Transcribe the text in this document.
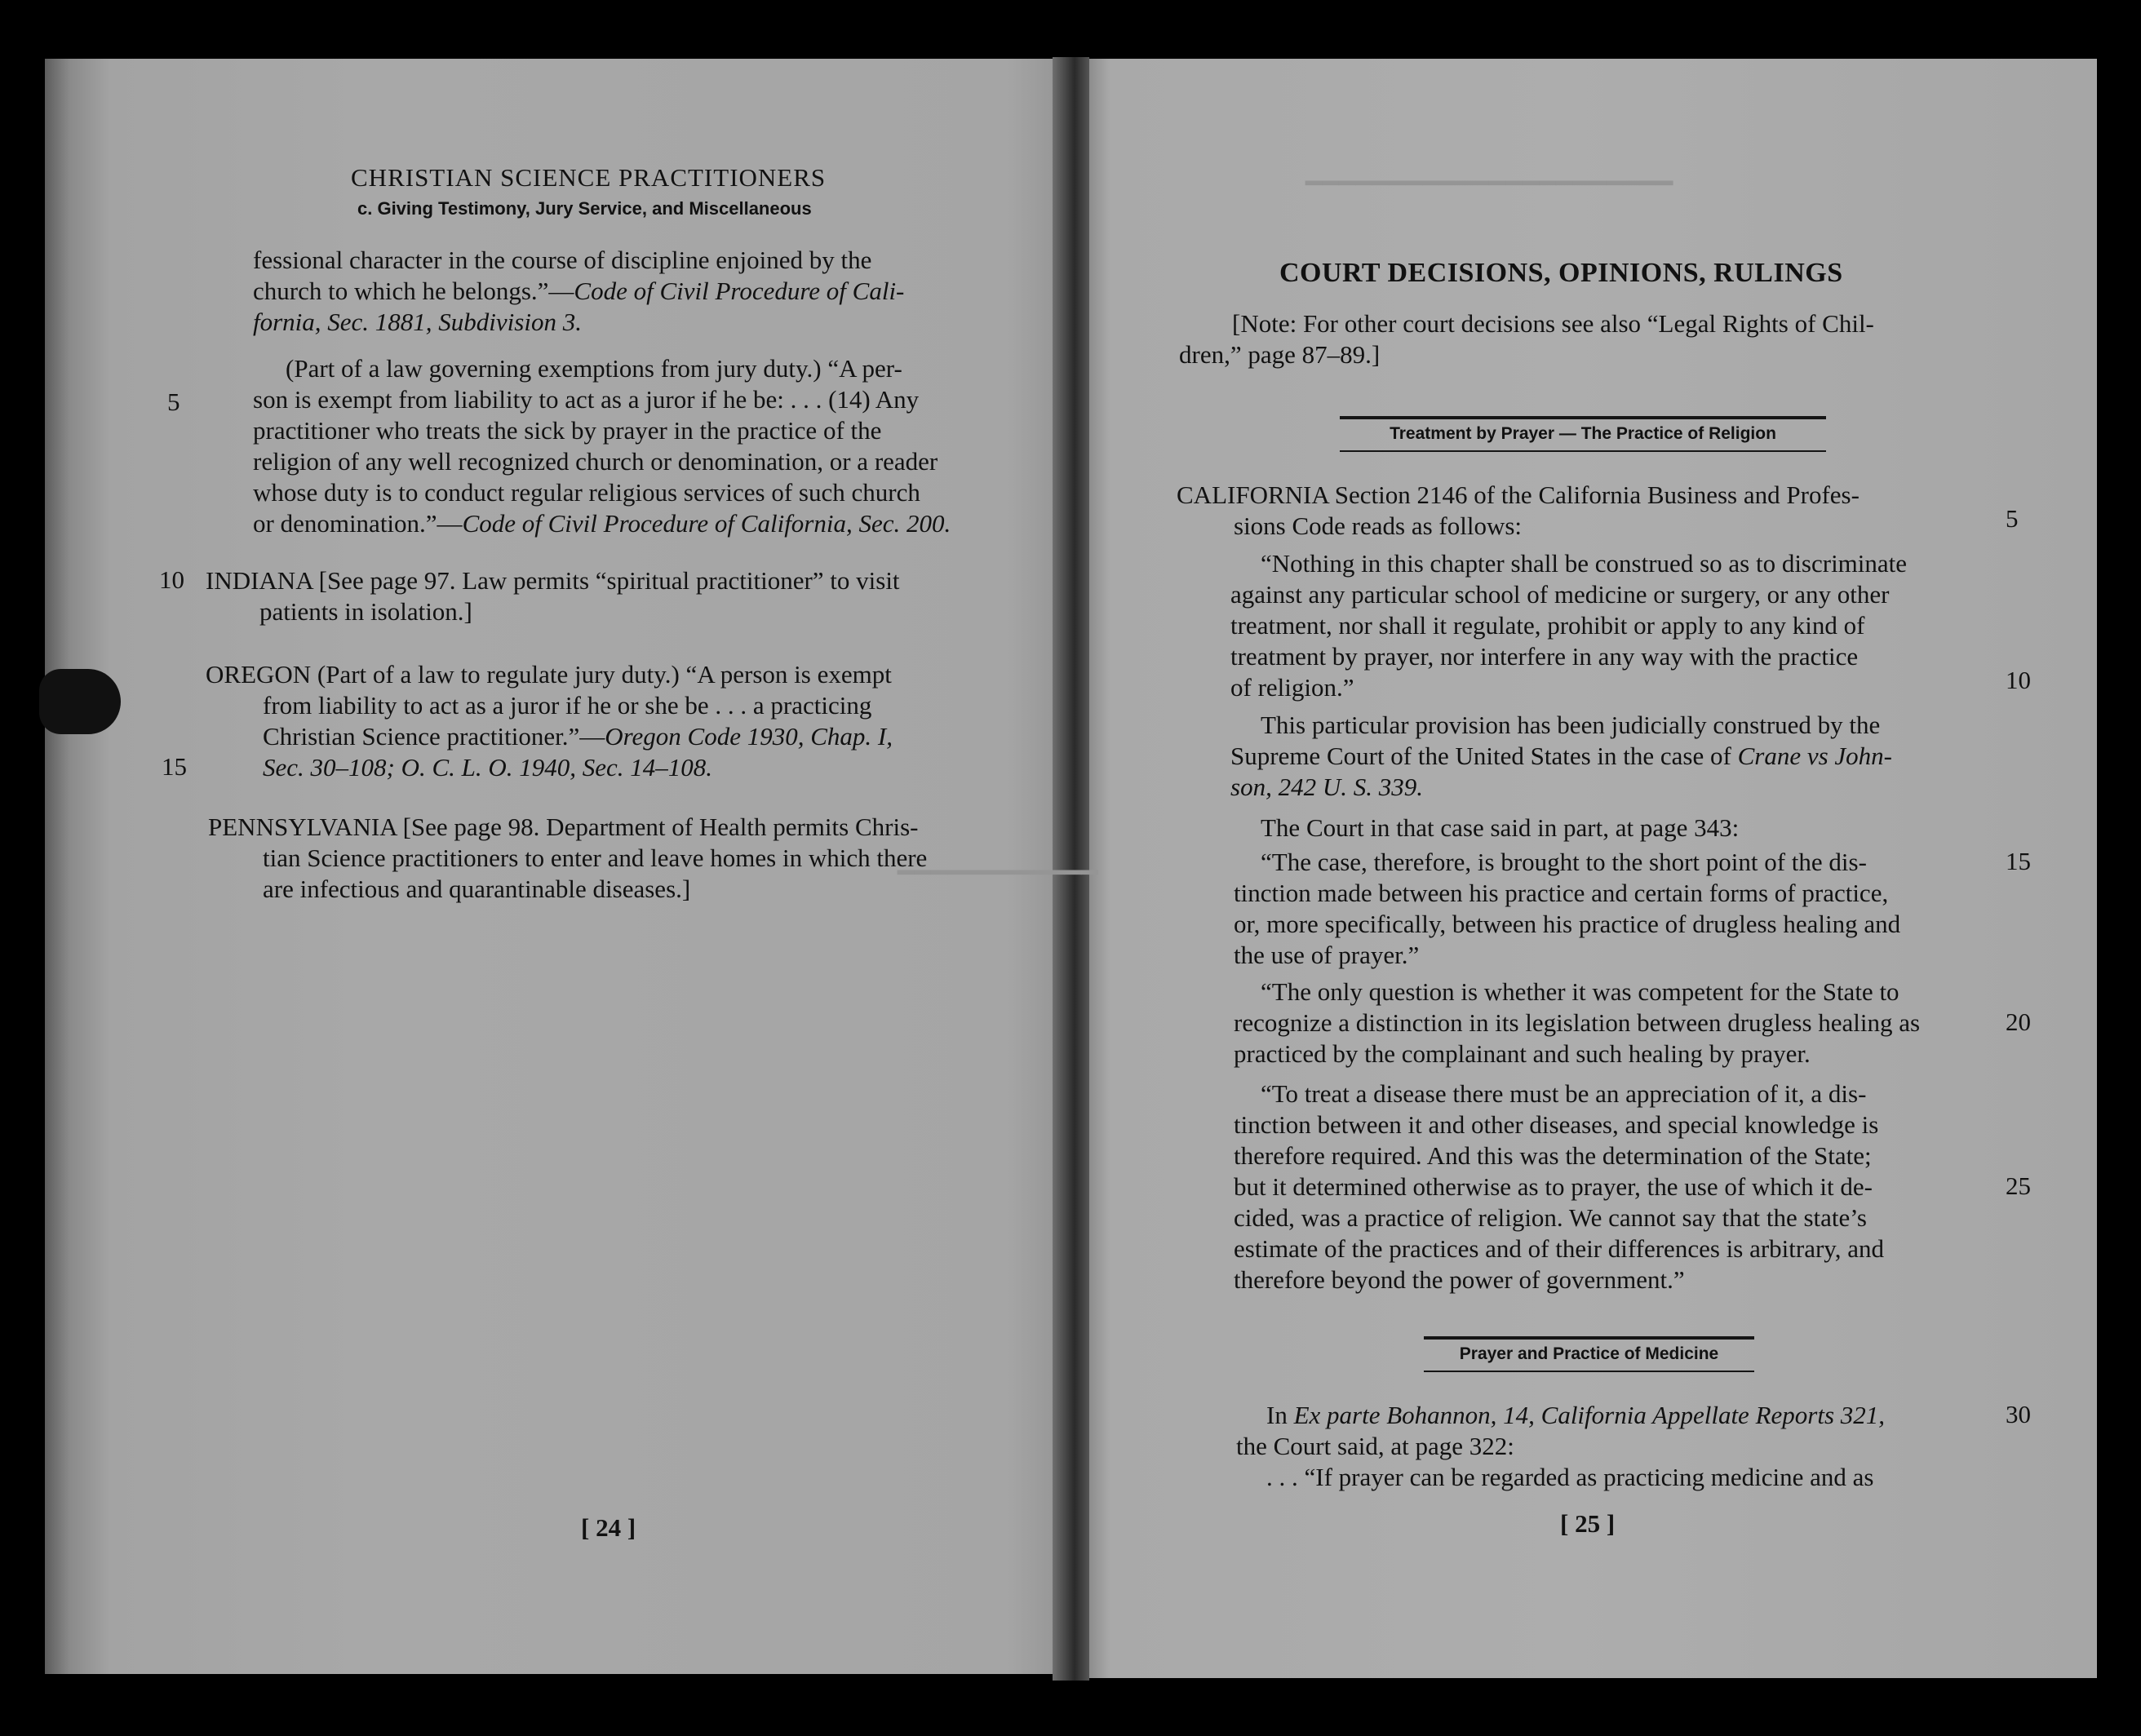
━━━━━━━━━━━━━━━━━━━━━━
━━━━━━━━━━━━
CHRISTIAN SCIENCE PRACTITIONERS
c. Giving Testimony, Jury Service, and Miscellaneous
fessional character in the course of discipline enjoined by the
church to which he belongs.”—Code of Civil Procedure of Cali-
fornia, Sec. 1881, Subdivision 3.
(Part of a law governing exemptions from jury duty.) “A per-
son is exempt from liability to act as a juror if he be: . . . (14) Any
practitioner who treats the sick by prayer in the practice of the
religion of any well recognized church or denomination, or a reader
whose duty is to conduct regular religious services of such church
or denomination.”—Code of Civil Procedure of California, Sec. 200.
INDIANA [See page 97. Law permits “spiritual practitioner” to visit
patients in isolation.]
OREGON (Part of a law to regulate jury duty.) “A person is exempt
from liability to act as a juror if he or she be . . . a practicing
Christian Science practitioner.”—Oregon Code 1930, Chap. I,
Sec. 30–108; O. C. L. O. 1940, Sec. 14–108.
PENNSYLVANIA [See page 98. Department of Health permits Chris-
tian Science practitioners to enter and leave homes in which there
are infectious and quarantinable diseases.]
5
10
15
[ 24 ]
COURT DECISIONS, OPINIONS, RULINGS
[Note: For other court decisions see also “Legal Rights of Chil-
dren,” page 87–89.]
Treatment by Prayer — The Practice of Religion
CALIFORNIA Section 2146 of the California Business and Profes-
sions Code reads as follows:
“Nothing in this chapter shall be construed so as to discriminate
against any particular school of medicine or surgery, or any other
treatment, nor shall it regulate, prohibit or apply to any kind of
treatment by prayer, nor interfere in any way with the practice
of religion.”
This particular provision has been judicially construed by the
Supreme Court of the United States in the case of Crane vs John-
son, 242 U. S. 339.
The Court in that case said in part, at page 343:
“The case, therefore, is brought to the short point of the dis-
tinction made between his practice and certain forms of practice,
or, more specifically, between his practice of drugless healing and
the use of prayer.”
“The only question is whether it was competent for the State to
recognize a distinction in its legislation between drugless healing as
practiced by the complainant and such healing by prayer.
“To treat a disease there must be an appreciation of it, a dis-
tinction between it and other diseases, and special knowledge is
therefore required. And this was the determination of the State;
but it determined otherwise as to prayer, the use of which it de-
cided, was a practice of religion. We cannot say that the state’s
estimate of the practices and of their differences is arbitrary, and
therefore beyond the power of government.”
Prayer and Practice of Medicine
In Ex parte Bohannon, 14, California Appellate Reports 321,
the Court said, at page 322:
. . . “If prayer can be regarded as practicing medicine and as
5
10
15
20
25
30
[ 25 ]
